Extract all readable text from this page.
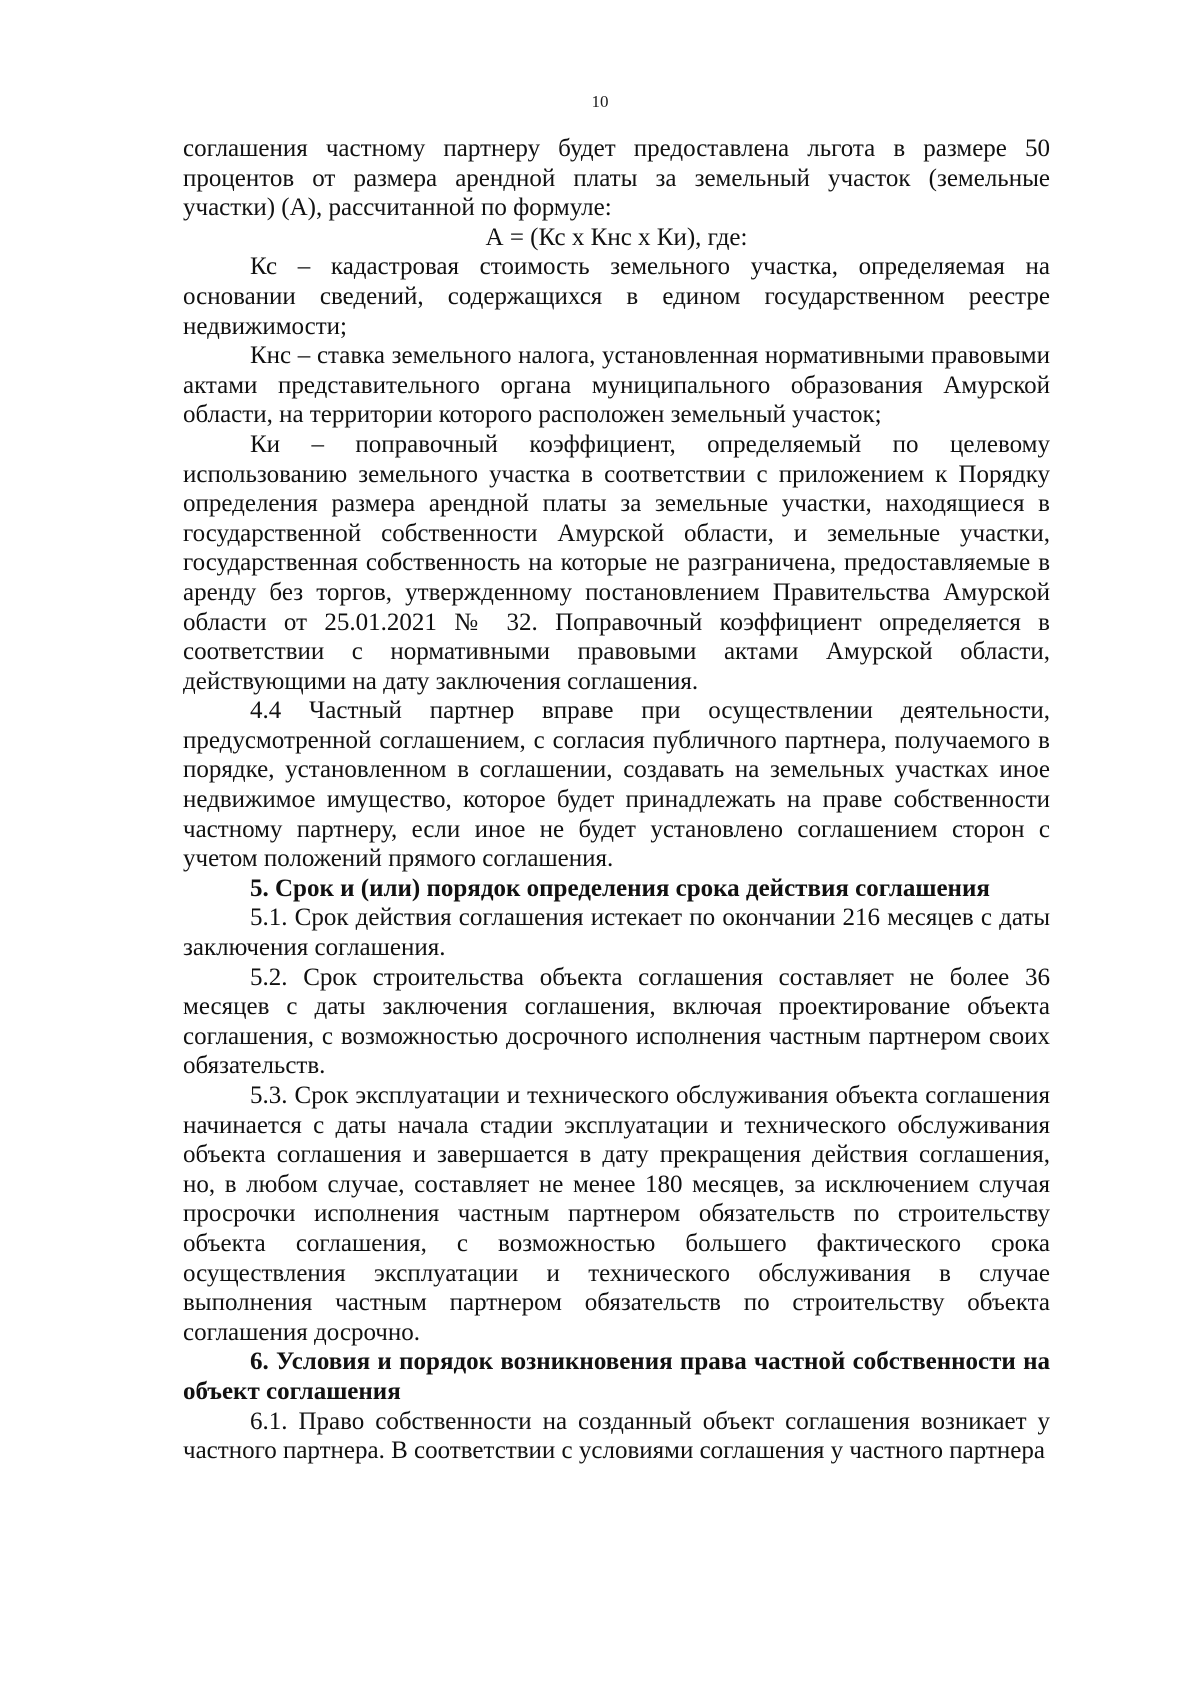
10

соглашения частному партнеру будет предоставлена льгота в размере 50 процентов от размера арендной платы за земельный участок (земельные участки) (А), рассчитанной по формуле:

А = (Кс x Кнс x Ки), где:

Кс – кадастровая стоимость земельного участка, определяемая на основании сведений, содержащихся в едином государственном реестре недвижимости;

Кнс – ставка земельного налога, установленная нормативными правовыми актами представительного органа муниципального образования Амурской области, на территории которого расположен земельный участок;

Ки – поправочный коэффициент, определяемый по целевому использованию земельного участка в соответствии с приложением к Порядку определения размера арендной платы за земельные участки, находящиеся в государственной собственности Амурской области, и земельные участки, государственная собственность на которые не разграничена, предоставляемые в аренду без торгов, утвержденному постановлением Правительства Амурской области от 25.01.2021 № 32. Поправочный коэффициент определяется в соответствии с нормативными правовыми актами Амурской области, действующими на дату заключения соглашения.

4.4 Частный партнер вправе при осуществлении деятельности, предусмотренной соглашением, с согласия публичного партнера, получаемого в порядке, установленном в соглашении, создавать на земельных участках иное недвижимое имущество, которое будет принадлежать на праве собственности частному партнеру, если иное не будет установлено соглашением сторон с учетом положений прямого соглашения.

5. Срок и (или) порядок определения срока действия соглашения

5.1. Срок действия соглашения истекает по окончании 216 месяцев с даты заключения соглашения.

5.2. Срок строительства объекта соглашения составляет не более 36 месяцев с даты заключения соглашения, включая проектирование объекта соглашения, с возможностью досрочного исполнения частным партнером своих обязательств.

5.3. Срок эксплуатации и технического обслуживания объекта соглашения начинается с даты начала стадии эксплуатации и технического обслуживания объекта соглашения и завершается в дату прекращения действия соглашения, но, в любом случае, составляет не менее 180 месяцев, за исключением случая просрочки исполнения частным партнером обязательств по строительству объекта соглашения, с возможностью большего фактического срока осуществления эксплуатации и технического обслуживания в случае выполнения частным партнером обязательств по строительству объекта соглашения досрочно.

6. Условия и порядок возникновения права частной собственности на объект соглашения

6.1. Право собственности на созданный объект соглашения возникает у частного партнера. В соответствии с условиями соглашения у частного партнера
